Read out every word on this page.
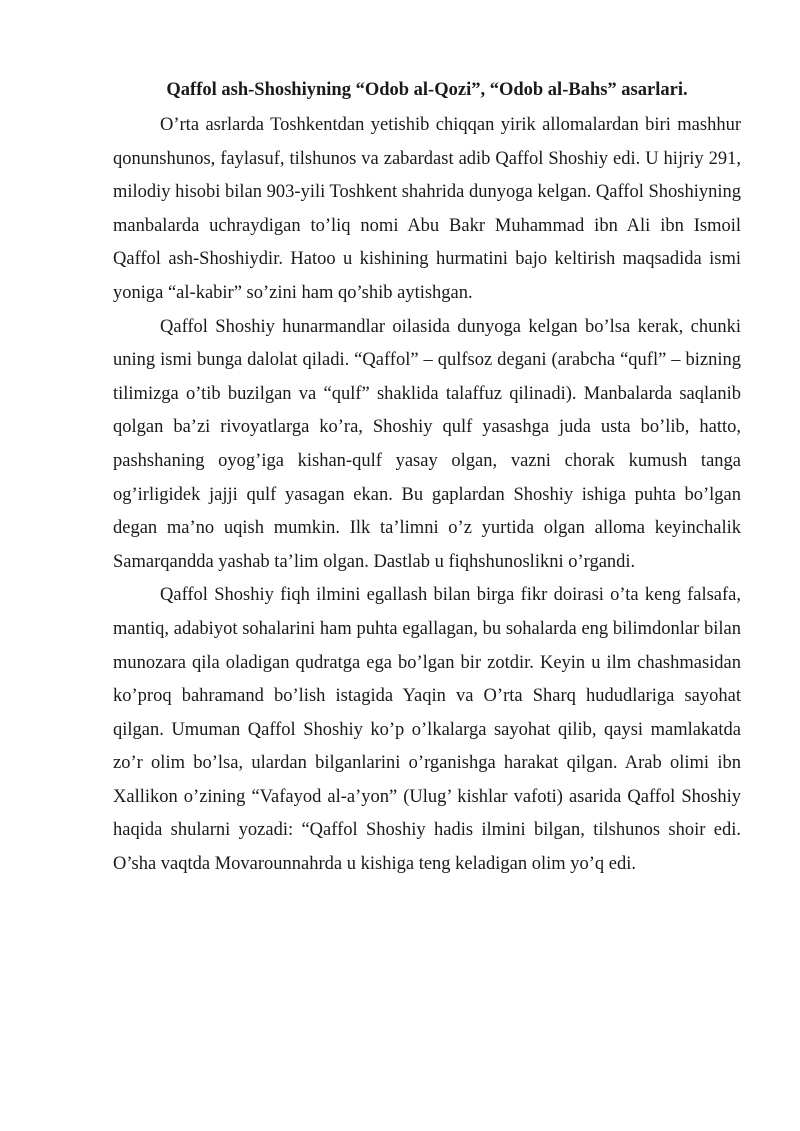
Qaffol ash-Shoshiyning “Odob al-Qozi”, “Odob al-Bahs” asarlari.

O’rta asrlarda Toshkentdan yetishib chiqqan yirik allomalardan biri mashhur qonunshunos, faylasuf, tilshunos va zabardast adib Qaffol Shoshiy edi. U hijriy 291, milodiy hisobi bilan 903-yili Toshkent shahrida dunyoga kelgan. Qaffol Shoshiyning manbalarda uchraydigan to’liq nomi Abu Bakr Muhammad ibn Ali ibn Ismoil Qaffol ash-Shoshiydir. Hatoo u kishining hurmatini bajo keltirish maqsadida ismi yoniga “al-kabir” so’zini ham qo’shib aytishgan.

Qaffol Shoshiy hunarmandlar oilasida dunyoga kelgan bo’lsa kerak, chunki uning ismi bunga dalolat qiladi. “Qaffol” – qulfsoz degani (arabcha “qufl” – bizning tilimizga o’tib buzilgan va “qulf” shaklida talaffuz qilinadi). Manbalarda saqlanib qolgan ba’zi rivoyatlarga ko’ra, Shoshiy qulf yasashga juda usta bo’lib, hatto, pashshaning oyog’iga kishan-qulf yasay olgan, vazni chorak kumush tanga og’irligidek jajji qulf yasagan ekan. Bu gaplardan Shoshiy ishiga puhta bo’lgan degan ma’no uqish mumkin. Ilk ta’limni o’z yurtida olgan alloma keyinchalik Samarqandda yashab ta’lim olgan. Dastlab u fiqhshunoslikni o’rgandi.

Qaffol Shoshiy fiqh ilmini egallash bilan birga fikr doirasi o’ta keng falsafa, mantiq, adabiyot sohalarini ham puhta egallagan, bu sohalarda eng bilimdonlar bilan munozara qila oladigan qudratga ega bo’lgan bir zotdir. Keyin u ilm chashmasidan ko’proq bahramand bo’lish istagida Yaqin va O’rta Sharq hududlariga sayohat qilgan. Umuman Qaffol Shoshiy ko’p o’lkalarga sayohat qilib, qaysi mamlakatda zo’r olim bo’lsa, ulardan bilganlarini o’rganishga harakat qilgan. Arab olimi ibn Xallikon o’zining “Vafayod al-a’yon” (Ulug’ kishlar vafoti) asarida Qaffol Shoshiy haqida shularni yozadi: “Qaffol Shoshiy hadis ilmini bilgan, tilshunos shoir edi. O’sha vaqtda Movarounnahrda u kishiga teng keladigan olim yo’q edi.
